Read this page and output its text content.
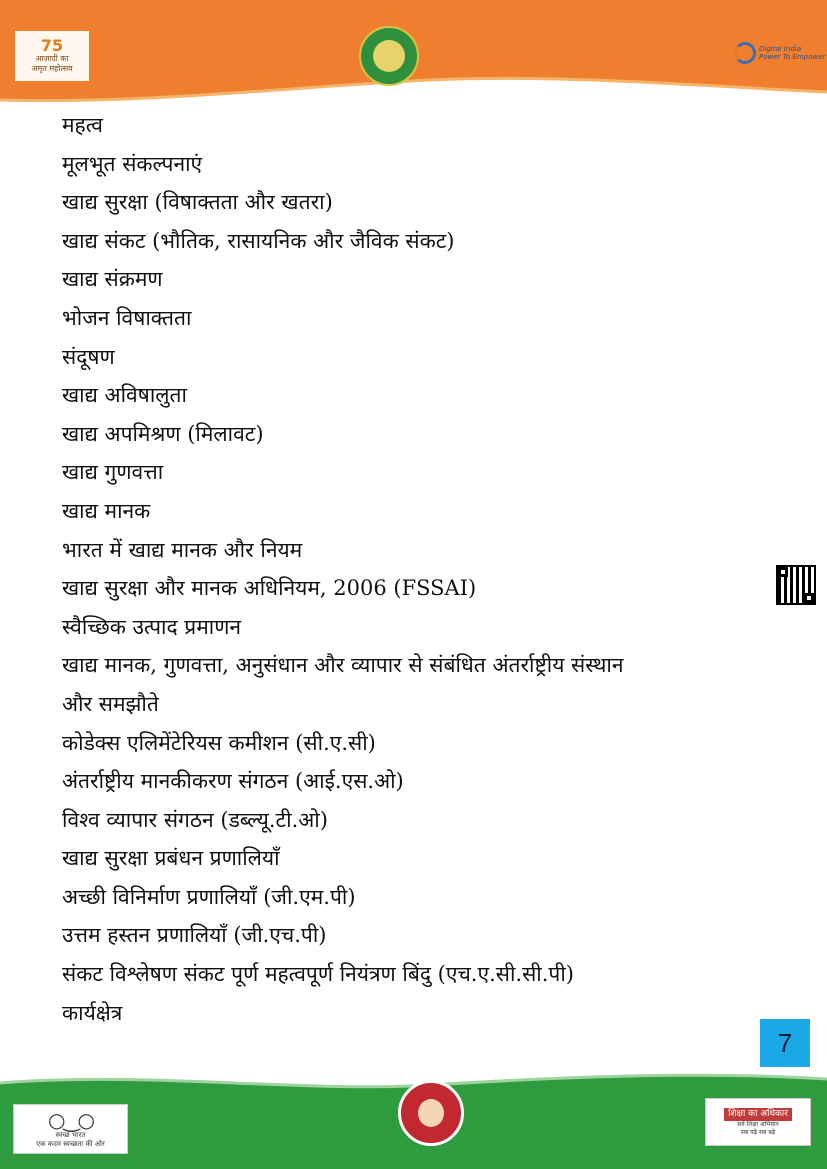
75
आज़ादी का
अमृत महोत्सव
Digital India
Power To Empower
महत्व
मूलभूत संकल्पनाएं
खाद्य सुरक्षा (विषाक्तता और खतरा)
खाद्य संकट (भौतिक, रासायनिक और जैविक संकट)
खाद्य संक्रमण
भोजन विषाक्तता
संदूषण
खाद्य अविषालुता
खाद्य अपमिश्रण (मिलावट)
खाद्य गुणवत्ता
खाद्य मानक
भारत में खाद्य मानक और नियम
खाद्य सुरक्षा और मानक अधिनियम, 2006 (FSSAI)
स्वैच्छिक उत्पाद प्रमाणन
खाद्य मानक, गुणवत्ता, अनुसंधान और व्यापार से संबंधित अंतर्राष्ट्रीय संस्थान
और समझौते
कोडेक्स एलिमेंटेरियस कमीशन (सी.ए.सी)
अंतर्राष्ट्रीय मानकीकरण संगठन (आई.एस.ओ)
विश्व व्यापार संगठन (डब्ल्यू.टी.ओ)
खाद्य सुरक्षा प्रबंधन प्रणालियाँ
अच्छी विनिर्माण प्रणालियाँ (जी.एम.पी)
उत्तम हस्तन प्रणालियाँ (जी.एच.पी)
संकट विश्लेषण संकट पूर्ण महत्वपूर्ण नियंत्रण बिंदु (एच.ए.सी.सी.पी)
कार्यक्षेत्र
7
○‿○
स्वच्छ भारत
एक कदम स्वच्छता की ओर
शिक्षा का अधिकार
सर्व शिक्षा अभियान
सब पढ़ें सब बढ़ें
